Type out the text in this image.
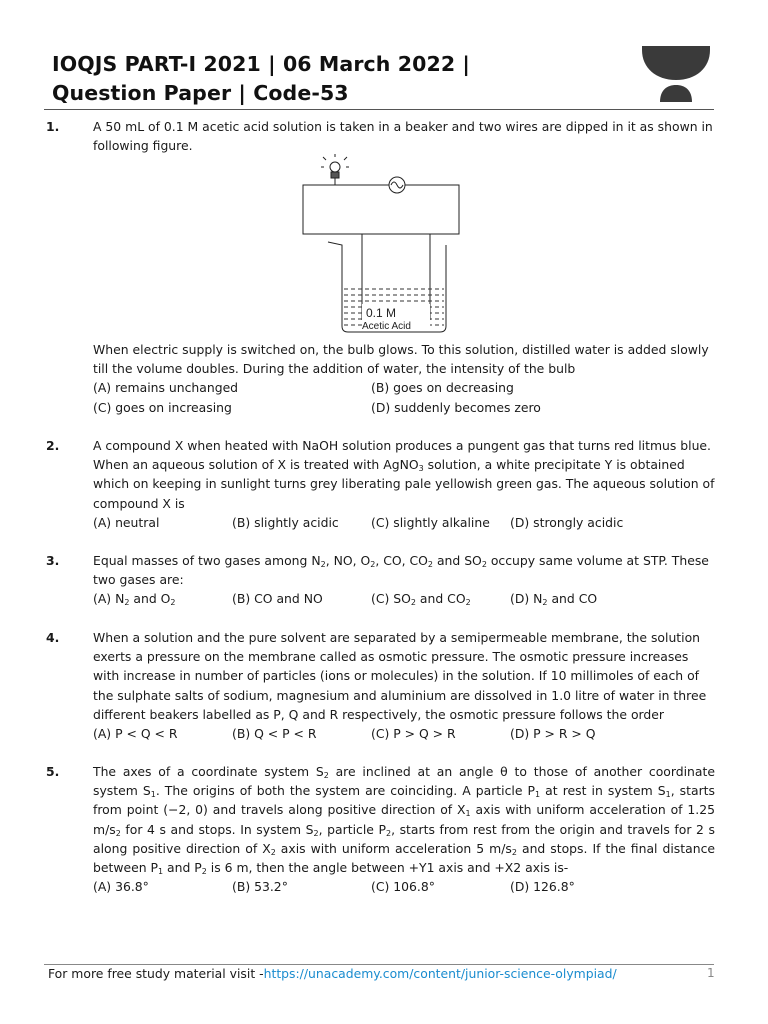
IOQJS PART-I 2021 | 06 March 2022 |
Question Paper | Code-53
1.	A 50 mL of 0.1 M acetic acid solution is taken in a beaker and two wires are dipped in it as shown in following figure.
0.1 M
Acetic Acid
When electric supply is switched on, the bulb glows. To this solution, distilled water is added slowly till the volume doubles. During the addition of water, the intensity of the bulb
(A) remains unchanged	(B) goes on decreasing
(C) goes on increasing	(D) suddenly becomes zero
2.	A compound X when heated with NaOH solution produces a pungent gas that turns red litmus blue. When an aqueous solution of X is treated with AgNO$_3$ solution, a white precipitate Y is obtained which on keeping in sunlight turns grey liberating pale yellowish green gas. The aqueous solution of compound X is
(A) neutral	(B) slightly acidic	(C) slightly alkaline	(D) strongly acidic
3.	Equal masses of two gases among $N_2$, NO, $O_2$, CO, $CO_2$ and $SO_2$ occupy same volume at STP. These two gases are:
(A) $N_2$ and $O_2$	(B) CO and NO	(C) $SO_2$ and $CO_2$	(D) $N_2$ and CO
4.	When a solution and the pure solvent are separated by a semipermeable membrane, the solution exerts a pressure on the membrane called as osmotic pressure. The osmotic pressure increases with increase in number of particles (ions or molecules) in the solution. If 10 millimoles of each of the sulphate salts of sodium, magnesium and aluminium are dissolved in 1.0 litre of water in three different beakers labelled as P, Q and R respectively, the osmotic pressure follows the order
(A) P < Q < R	(B) Q < P < R	(C) P > Q > R	(D) P > R > Q
5.	The axes of a coordinate system $S_2$ are inclined at an angle θ to those of another coordinate system $S_1$. The origins of both the system are coinciding. A particle $P_1$ at rest in system $S_1$, starts from point (−2, 0) and travels along positive direction of $X_1$ axis with uniform acceleration of 1.25 $m/s_2$ for 4 s and stops. In system $S_2$, particle $P_2$, starts from rest from the origin and travels for 2 s along positive direction of $X_2$ axis with uniform acceleration 5 $m/s_2$ and stops. If the final distance between $P_1$ and $P_2$ is 6 m, then the angle between +Y1 axis and +X2 axis is-
(A) 36.8°	(B) 53.2°	(C) 106.8°	(D) 126.8°
For more free study material visit -https://unacademy.com/content/junior-science-olympiad/	1
